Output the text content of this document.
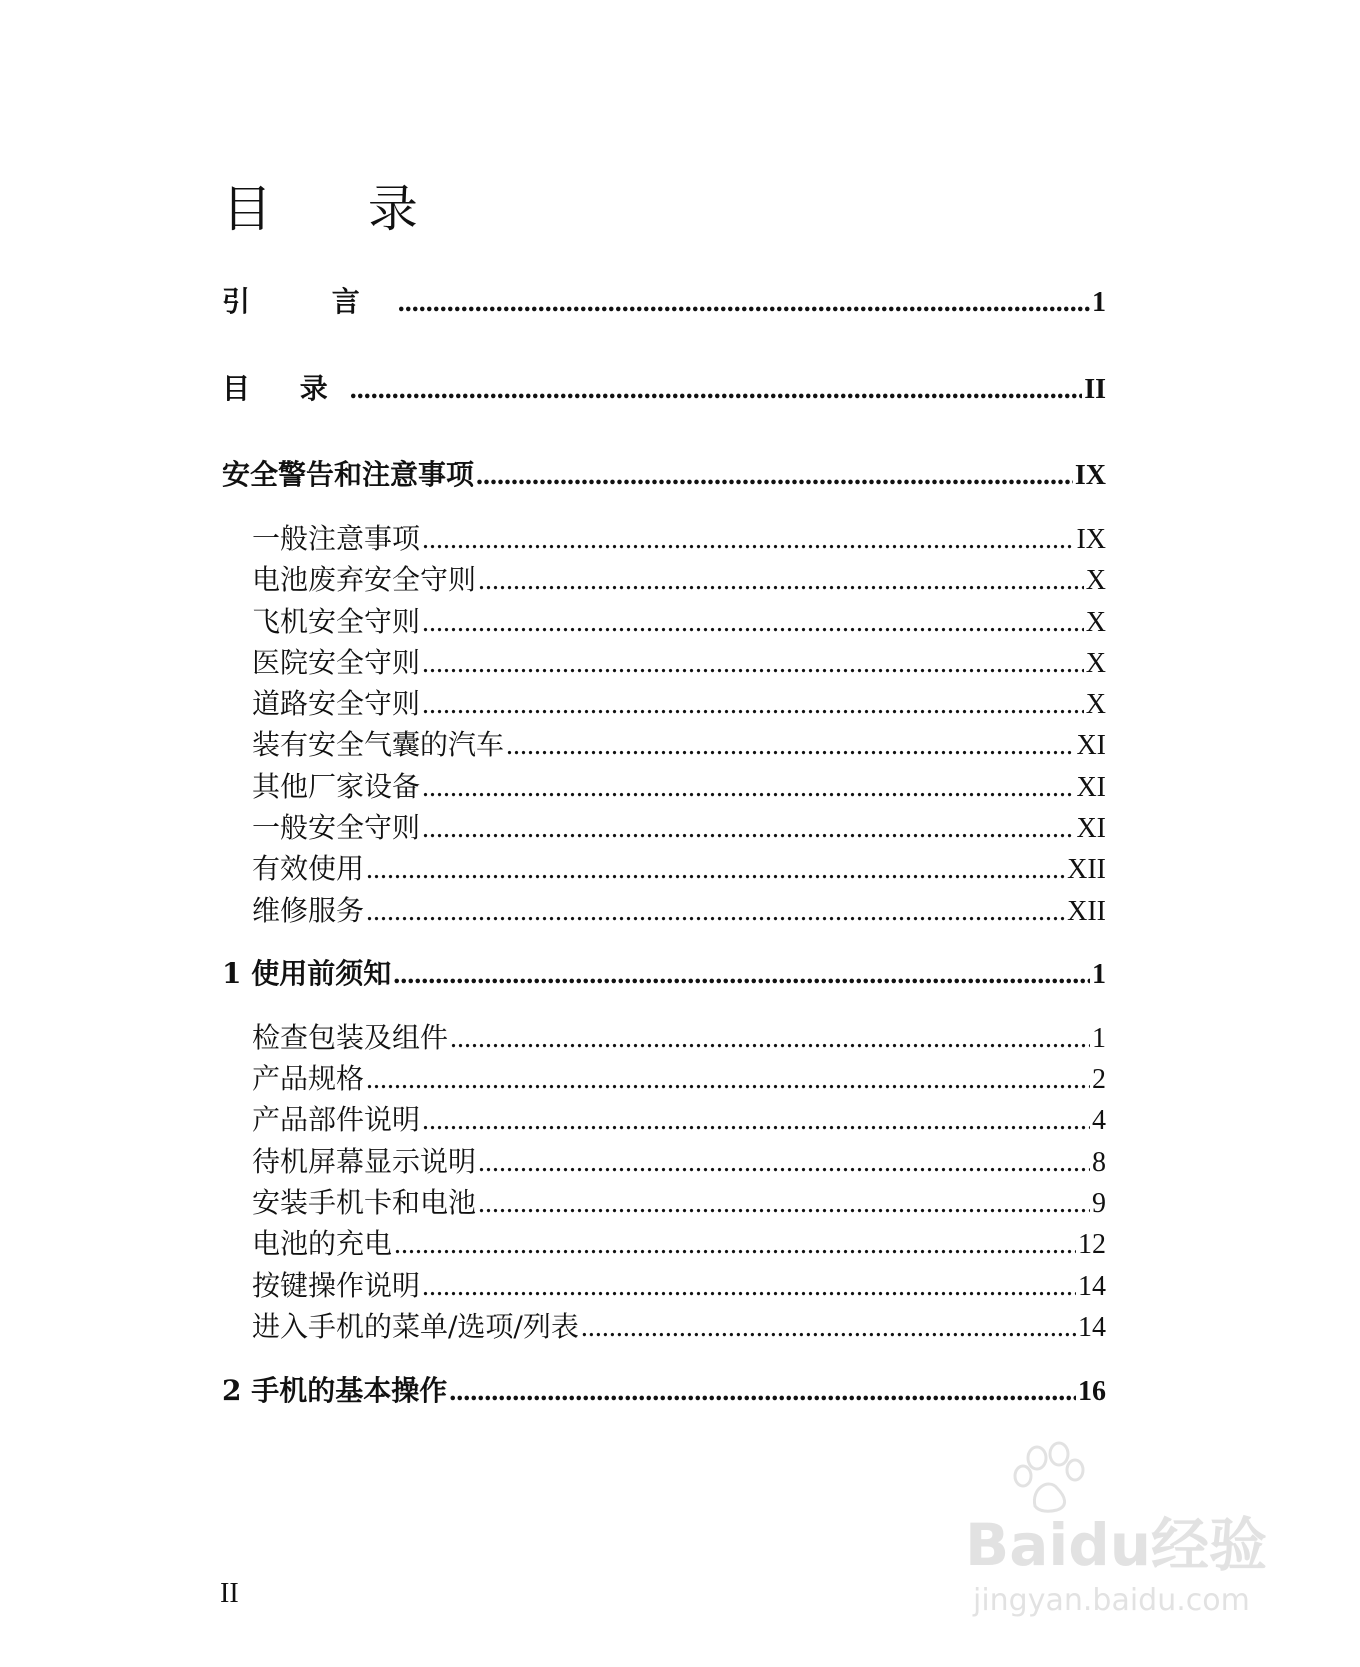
目 录
引 言 .....	1
目 录 .....	II
安全警告和注意事项 .....	IX
一般注意事项 .....	IX
电池废弃安全守则 .....	X
飞机安全守则 .....	X
医院安全守则 .....	X
道路安全守则 .....	X
装有安全气囊的汽车 .....	XI
其他厂家设备 .....	XI
一般安全守则 .....	XI
有效使用 .....	XII
维修服务 .....	XII
1 使用前须知 .....	1
检查包装及组件 .....	1
产品规格 .....	2
产品部件说明 .....	4
待机屏幕显示说明 .....	8
安装手机卡和电池 .....	9
电池的充电 .....	12
按键操作说明 .....	14
进入手机的菜单/选项/列表 .....	14
2 手机的基本操作 .....	16
II
Baidu经验
jingyan.baidu.com
